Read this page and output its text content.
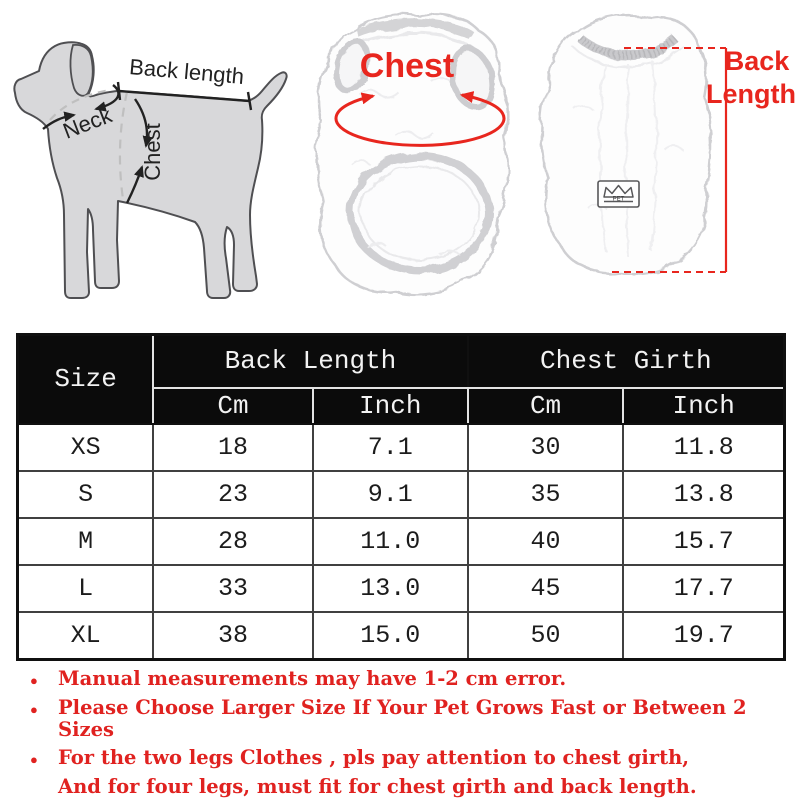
Back length
Neck
Chest
Chest
PET
Back
Length
Size	Back Length		Chest Girth	
	Cm	Inch	Cm	Inch
XS	18	7.1	30	11.8
S	23	9.1	35	13.8
M	28	11.0	40	15.7
L	33	13.0	45	17.7
XL	38	15.0	50	19.7
●	Manual measurements may have 1-2 cm error.
●	Please Choose Larger Size If Your Pet Grows Fast or Between 2 Sizes
●	For the two legs Clothes , pls pay attention to chest girth,
And for four legs, must fit for chest girth and back length.
